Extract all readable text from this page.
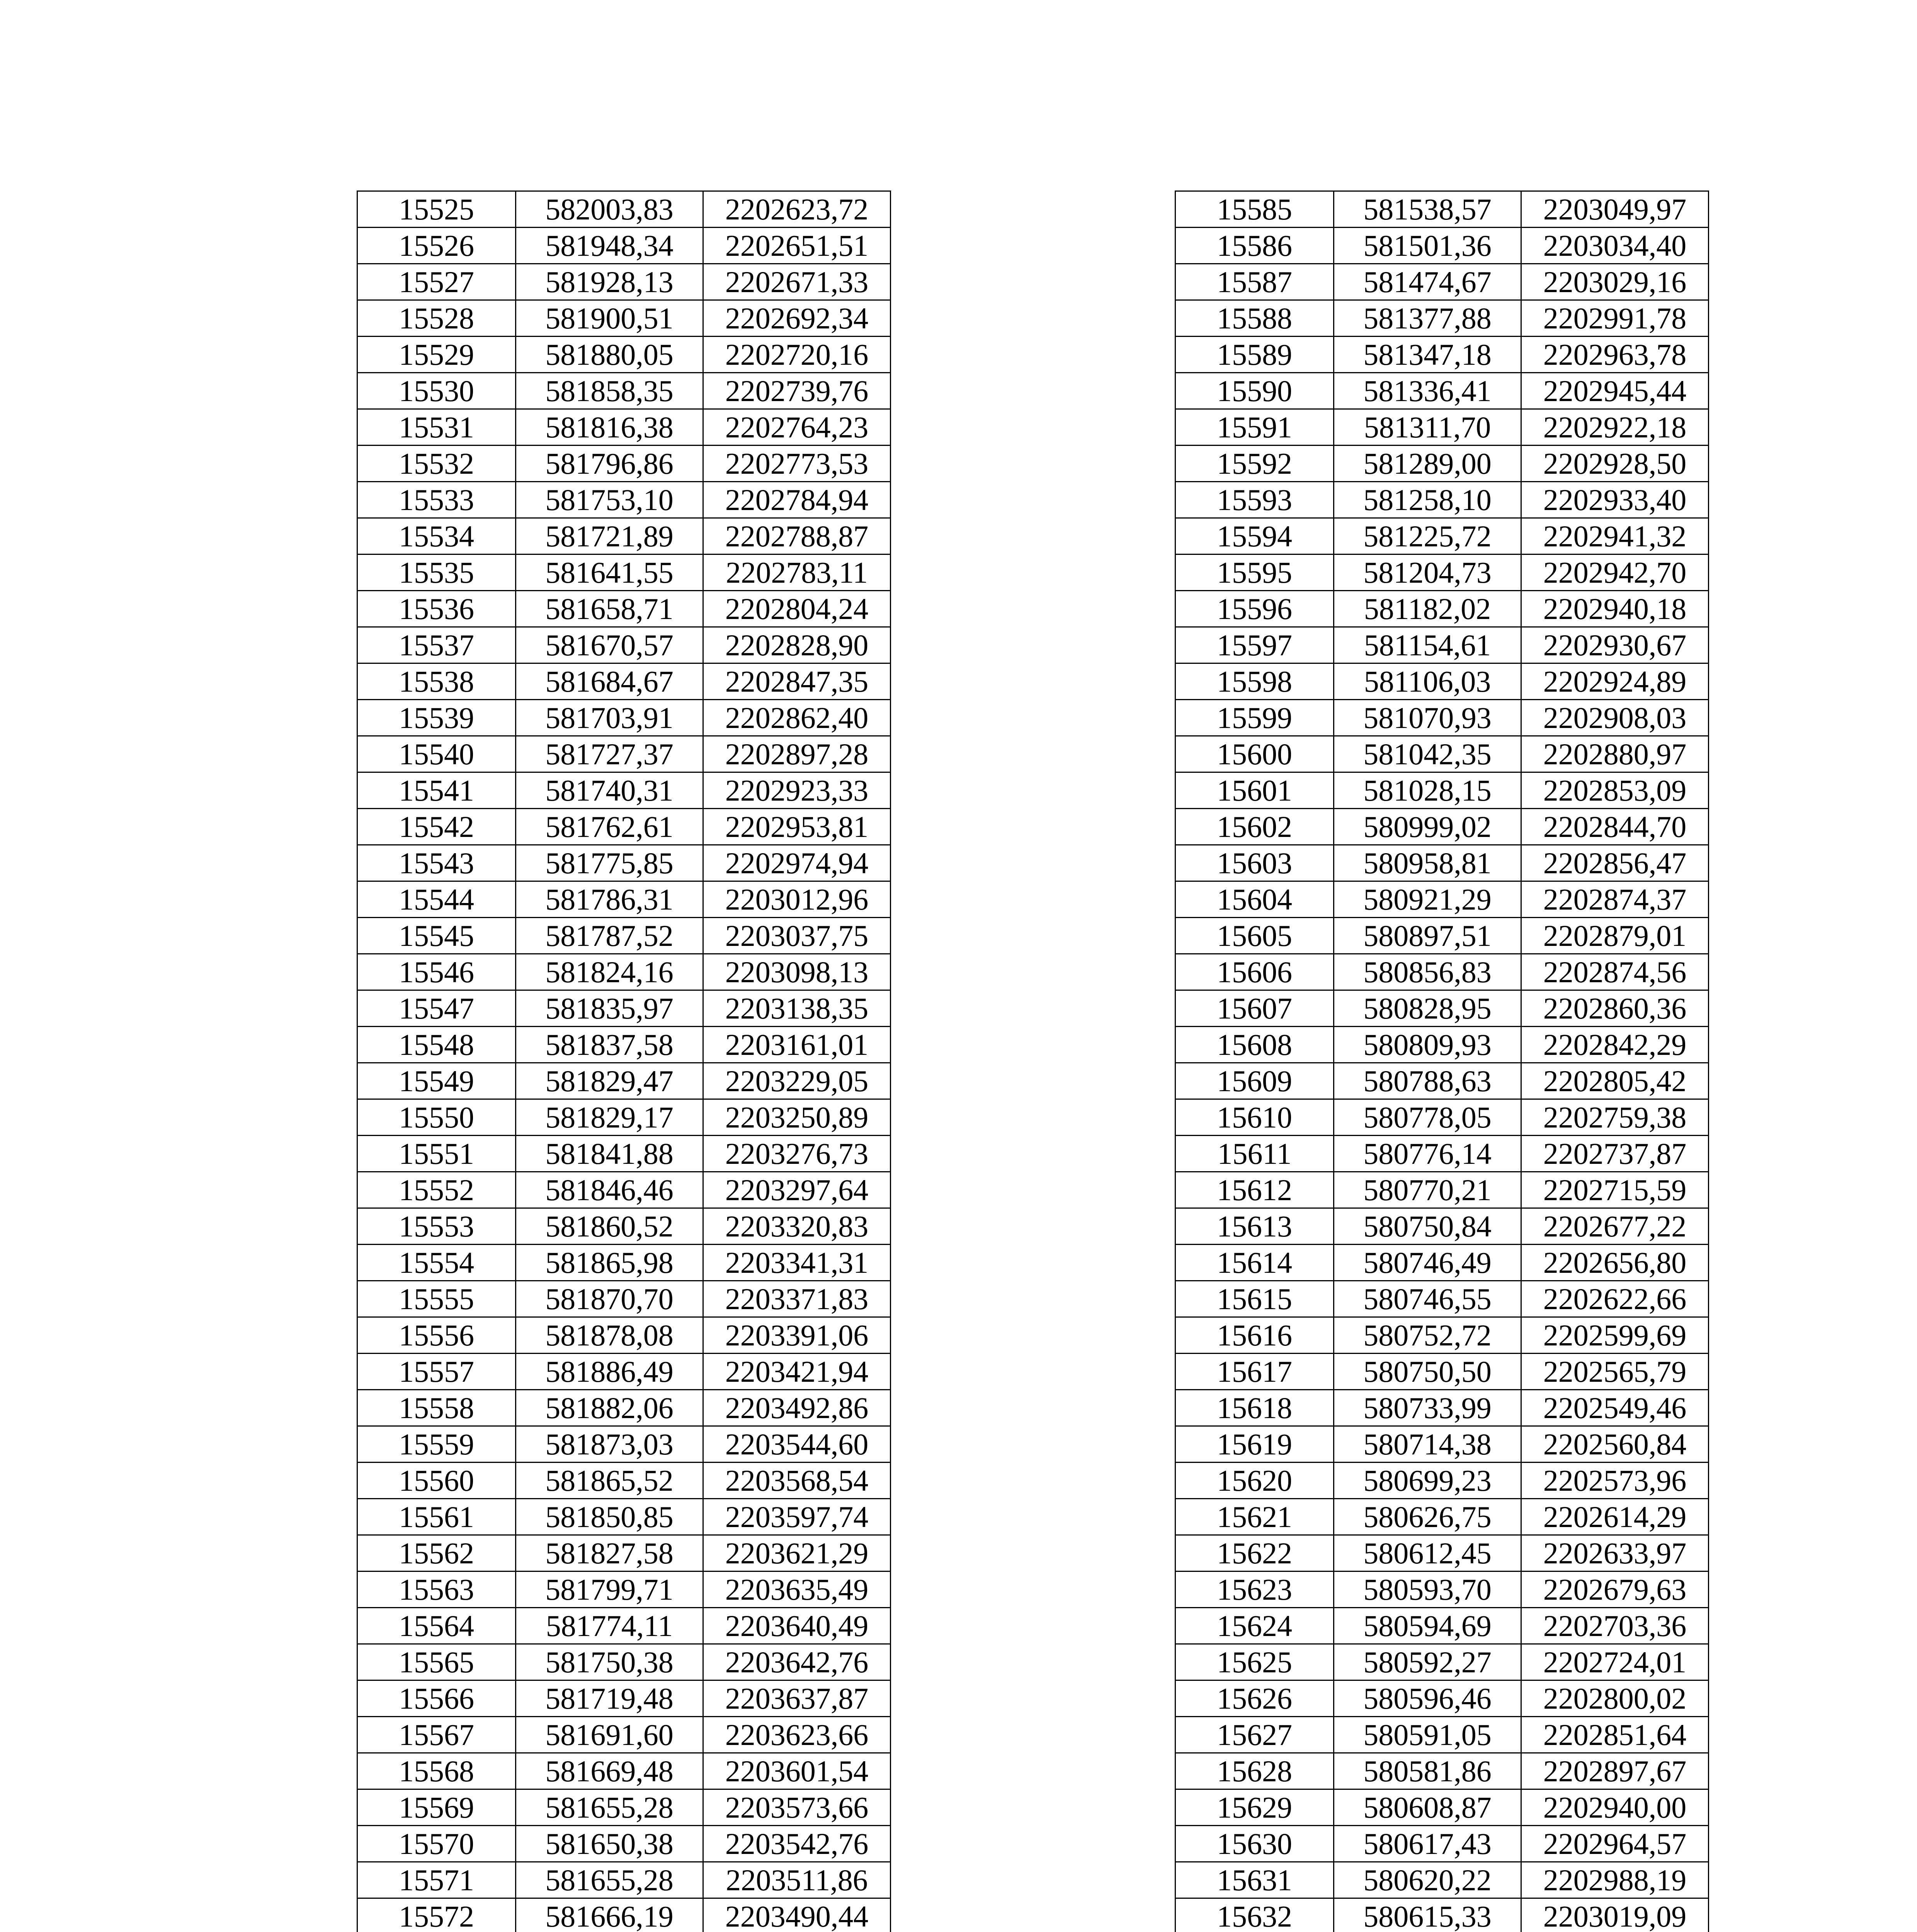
15525	582003,83	2202623,72
15526	581948,34	2202651,51
15527	581928,13	2202671,33
15528	581900,51	2202692,34
15529	581880,05	2202720,16
15530	581858,35	2202739,76
15531	581816,38	2202764,23
15532	581796,86	2202773,53
15533	581753,10	2202784,94
15534	581721,89	2202788,87
15535	581641,55	2202783,11
15536	581658,71	2202804,24
15537	581670,57	2202828,90
15538	581684,67	2202847,35
15539	581703,91	2202862,40
15540	581727,37	2202897,28
15541	581740,31	2202923,33
15542	581762,61	2202953,81
15543	581775,85	2202974,94
15544	581786,31	2203012,96
15545	581787,52	2203037,75
15546	581824,16	2203098,13
15547	581835,97	2203138,35
15548	581837,58	2203161,01
15549	581829,47	2203229,05
15550	581829,17	2203250,89
15551	581841,88	2203276,73
15552	581846,46	2203297,64
15553	581860,52	2203320,83
15554	581865,98	2203341,31
15555	581870,70	2203371,83
15556	581878,08	2203391,06
15557	581886,49	2203421,94
15558	581882,06	2203492,86
15559	581873,03	2203544,60
15560	581865,52	2203568,54
15561	581850,85	2203597,74
15562	581827,58	2203621,29
15563	581799,71	2203635,49
15564	581774,11	2203640,49
15565	581750,38	2203642,76
15566	581719,48	2203637,87
15567	581691,60	2203623,66
15568	581669,48	2203601,54
15569	581655,28	2203573,66
15570	581650,38	2203542,76
15571	581655,28	2203511,86
15572	581666,19	2203490,44

15585	581538,57	2203049,97
15586	581501,36	2203034,40
15587	581474,67	2203029,16
15588	581377,88	2202991,78
15589	581347,18	2202963,78
15590	581336,41	2202945,44
15591	581311,70	2202922,18
15592	581289,00	2202928,50
15593	581258,10	2202933,40
15594	581225,72	2202941,32
15595	581204,73	2202942,70
15596	581182,02	2202940,18
15597	581154,61	2202930,67
15598	581106,03	2202924,89
15599	581070,93	2202908,03
15600	581042,35	2202880,97
15601	581028,15	2202853,09
15602	580999,02	2202844,70
15603	580958,81	2202856,47
15604	580921,29	2202874,37
15605	580897,51	2202879,01
15606	580856,83	2202874,56
15607	580828,95	2202860,36
15608	580809,93	2202842,29
15609	580788,63	2202805,42
15610	580778,05	2202759,38
15611	580776,14	2202737,87
15612	580770,21	2202715,59
15613	580750,84	2202677,22
15614	580746,49	2202656,80
15615	580746,55	2202622,66
15616	580752,72	2202599,69
15617	580750,50	2202565,79
15618	580733,99	2202549,46
15619	580714,38	2202560,84
15620	580699,23	2202573,96
15621	580626,75	2202614,29
15622	580612,45	2202633,97
15623	580593,70	2202679,63
15624	580594,69	2202703,36
15625	580592,27	2202724,01
15626	580596,46	2202800,02
15627	580591,05	2202851,64
15628	580581,86	2202897,67
15629	580608,87	2202940,00
15630	580617,43	2202964,57
15631	580620,22	2202988,19
15632	580615,33	2203019,09
